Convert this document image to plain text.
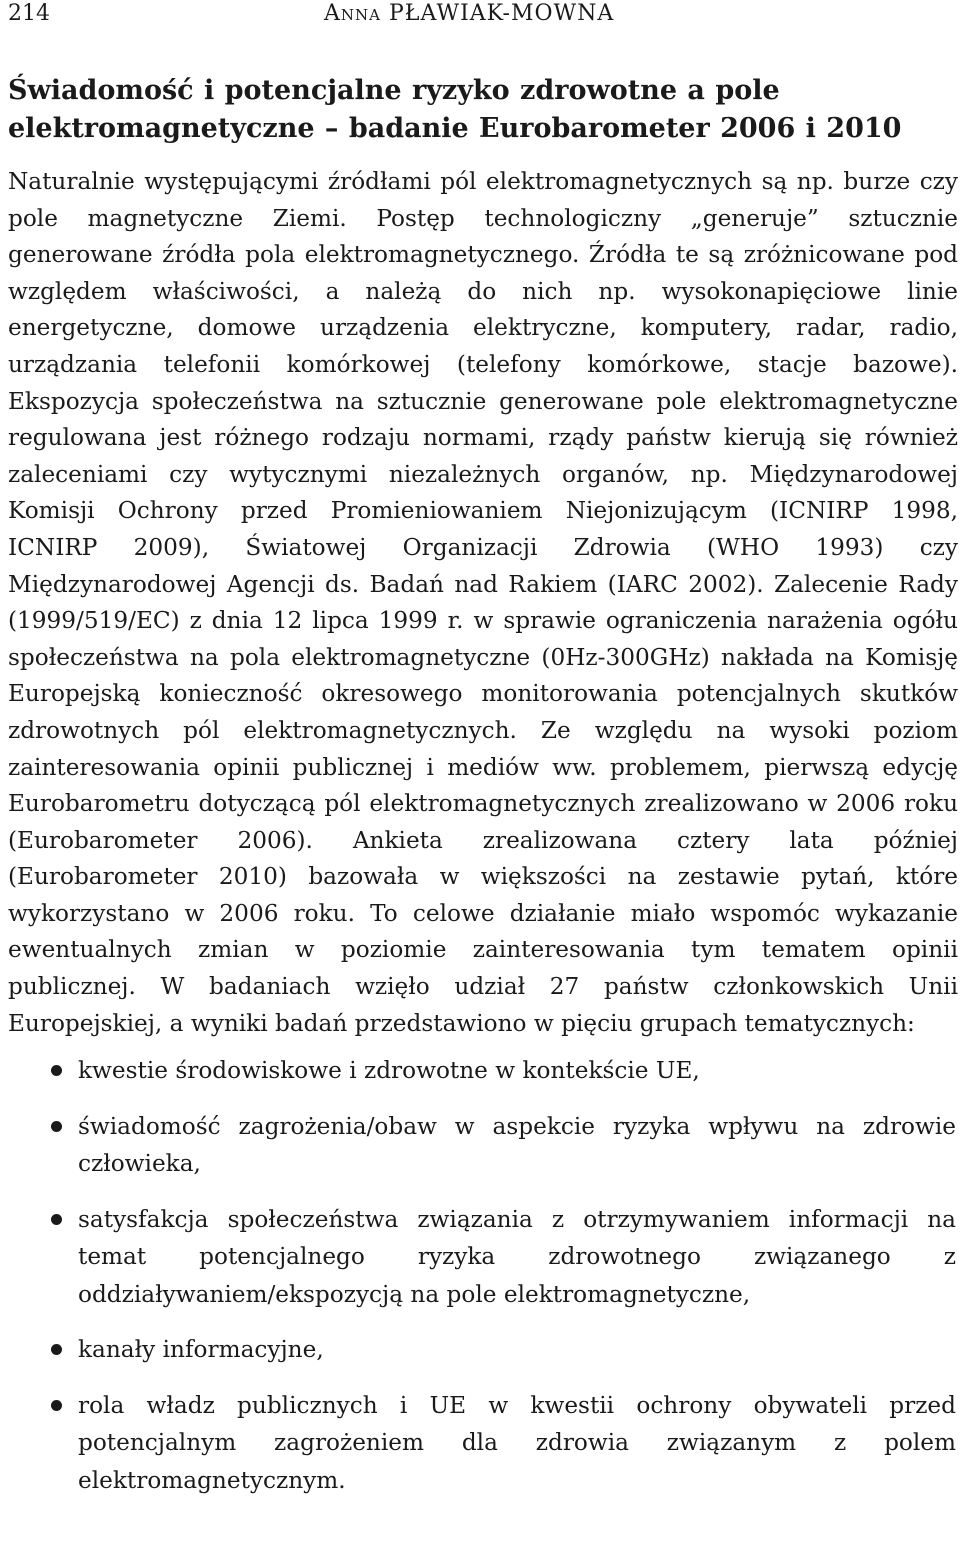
214	Anna PŁAWIAK-MOWNA
Świadomość i potencjalne ryzyko zdrowotne a pole elektromagnetyczne – badanie Eurobarometer 2006 i 2010

Naturalnie występującymi źródłami pól elektromagnetycznych są np. burze czy pole magnetyczne Ziemi. Postęp technologiczny „generuje” sztucznie generowane źródła pola elektromagnetycznego. Źródła te są zróżnicowane pod względem właściwości, a należą do nich np. wysokonapięciowe linie energetyczne, domowe urządzenia elektryczne, komputery, radar, radio, urządzania telefonii komórkowej (telefony komórkowe, stacje bazowe). Ekspozycja społeczeństwa na sztucznie generowane pole elektromagnetyczne regulowana jest różnego rodzaju normami, rządy państw kierują się również zaleceniami czy wytycznymi niezależnych organów, np. Międzynarodowej Komisji Ochrony przed Promieniowaniem Niejonizującym (ICNIRP 1998, ICNIRP 2009), Światowej Organizacji Zdrowia (WHO 1993) czy Międzynarodowej Agencji ds. Badań nad Rakiem (IARC 2002). Zalecenie Rady (1999/519/EC) z dnia 12 lipca 1999 r. w sprawie ograniczenia narażenia ogółu społeczeństwa na pola elektromagnetyczne (0Hz-300GHz) nakłada na Komisję Europejską konieczność okresowego monitorowania potencjalnych skutków zdrowotnych pól elektromagnetycznych. Ze względu na wysoki poziom zainteresowania opinii publicznej i mediów ww. problemem, pierwszą edycję Eurobarometru dotyczącą pól elektromagnetycznych zrealizowano w 2006 roku (Eurobarometer 2006). Ankieta zrealizowana cztery lata później (Eurobarometer 2010) bazowała w większości na zestawie pytań, które wykorzystano w 2006 roku. To celowe działanie miało wspomóc wykazanie ewentualnych zmian w poziomie zainteresowania tym tematem opinii publicznej. W badaniach wzięło udział 27 państw członkowskich Unii Europejskiej, a wyniki badań przedstawiono w pięciu grupach tematycznych:

kwestie środowiskowe i zdrowotne w kontekście UE,
świadomość zagrożenia/obaw w aspekcie ryzyka wpływu na zdrowie człowieka,
satysfakcja społeczeństwa związania z otrzymywaniem informacji na temat potencjalnego ryzyka zdrowotnego związanego z oddziaływaniem/ekspozycją na pole elektromagnetyczne,
kanały informacyjne,
rola władz publicznych i UE w kwestii ochrony obywateli przed potencjalnym zagrożeniem dla zdrowia związanym z polem elektromagnetycznym.
